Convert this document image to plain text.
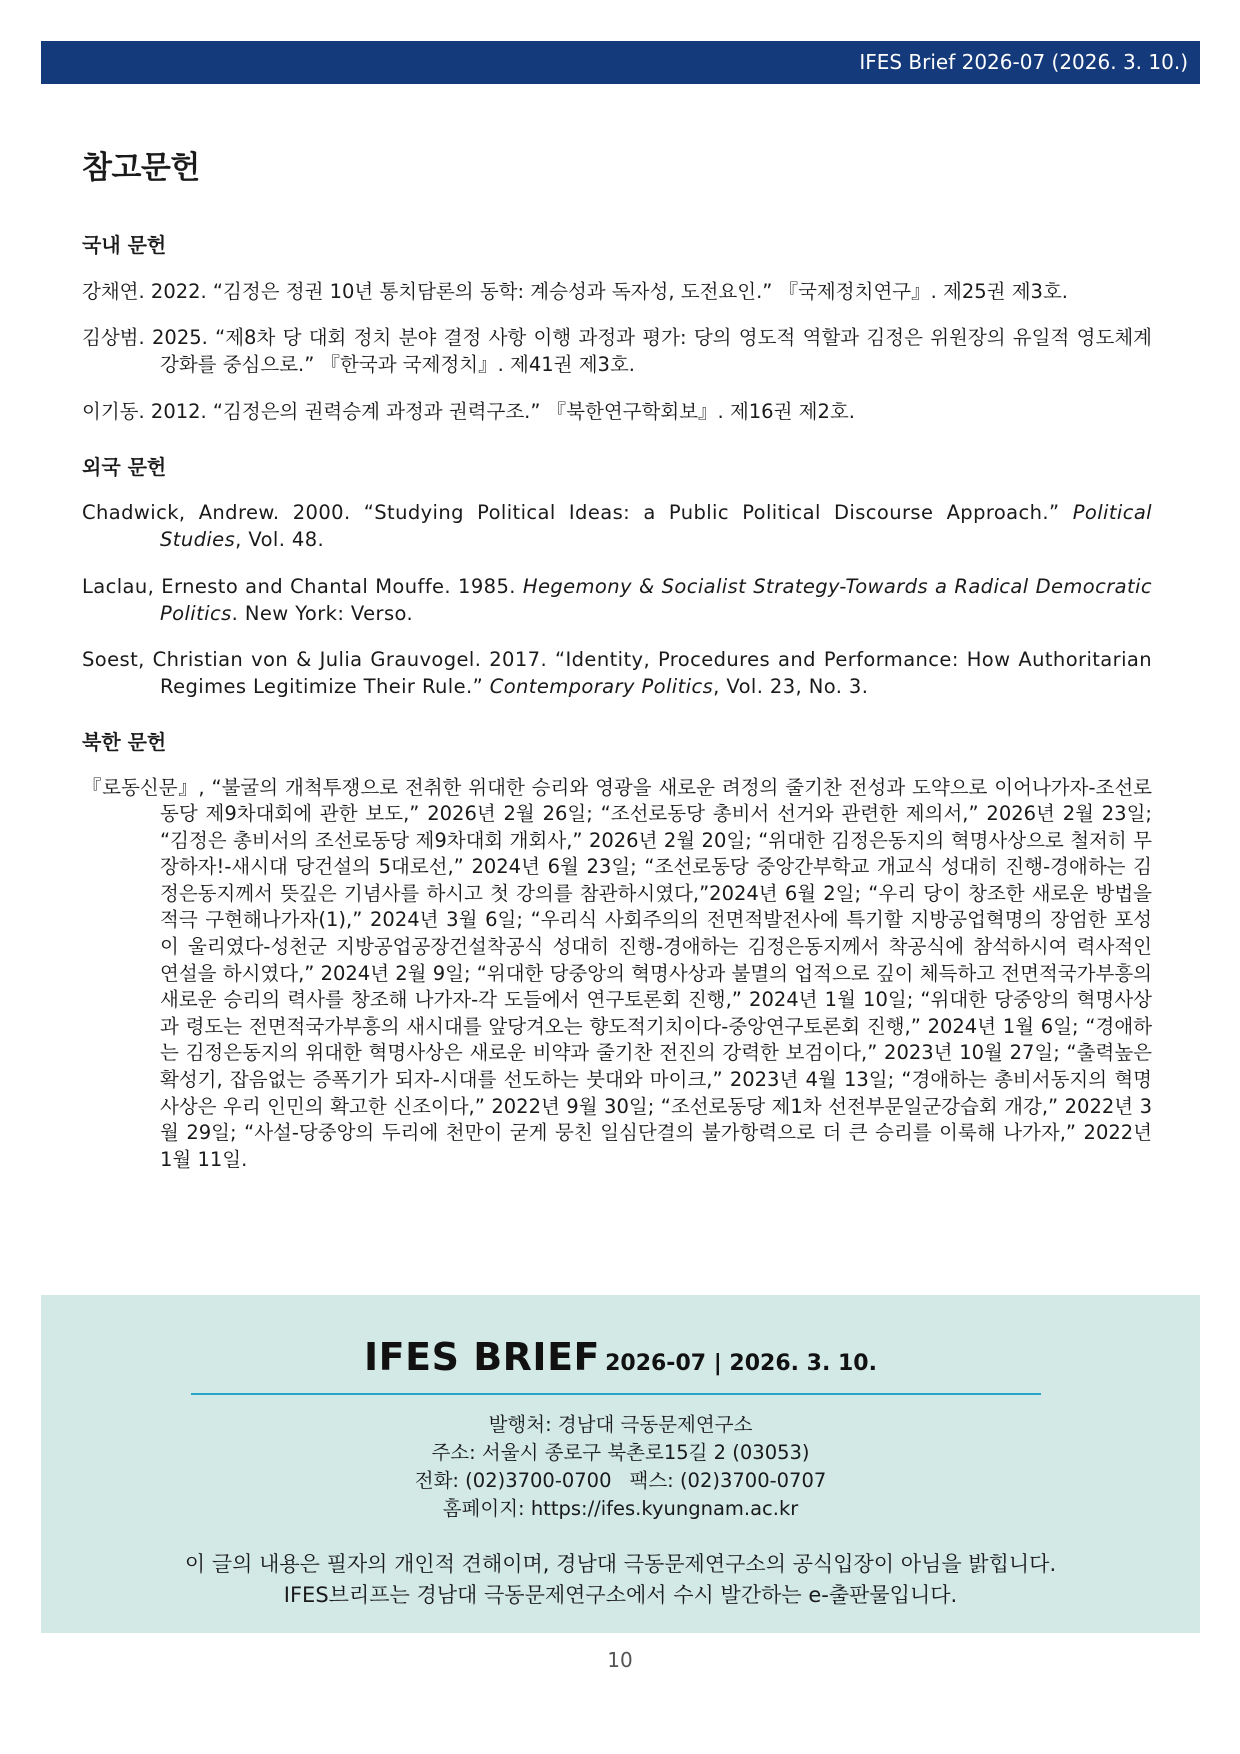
IFES Brief 2026-07 (2026. 3. 10.)
참고문헌
국내 문헌

강채연. 2022. “김정은 정권 10년 통치담론의 동학: 계승성과 독자성, 도전요인.” 『국제정치연구』. 제25권 제3호.

김상범. 2025. “제8차 당 대회 정치 분야 결정 사항 이행 과정과 평가: 당의 영도적 역할과 김정은 위원장의 유일적 영도체계 강화를 중심으로.” 『한국과 국제정치』. 제41권 제3호.

이기동. 2012. “김정은의 권력승계 과정과 권력구조.” 『북한연구학회보』. 제16권 제2호.

외국 문헌

Chadwick, Andrew. 2000. “Studying Political Ideas: a Public Political Discourse Approach.” Political Studies, Vol. 48.

Laclau, Ernesto and Chantal Mouffe. 1985. Hegemony & Socialist Strategy-Towards a Radical Democratic Politics. New York: Verso.

Soest, Christian von & Julia Grauvogel. 2017. “Identity, Procedures and Performance: How Authoritarian Regimes Legitimize Their Rule.” Contemporary Politics, Vol. 23, No. 3.

북한 문헌

『로동신문』, “불굴의 개척투쟁으로 전취한 위대한 승리와 영광을 새로운 려정의 줄기찬 전성과 도약으로 이어나가자-조선로동당 제9차대회에 관한 보도,” 2026년 2월 26일; “조선로동당 총비서 선거와 관련한 제의서,” 2026년 2월 23일; “김정은 총비서의 조선로동당 제9차대회 개회사,” 2026년 2월 20일; “위대한 김정은동지의 혁명사상으로 철저히 무장하자!-새시대 당건설의 5대로선,” 2024년 6월 23일; “조선로동당 중앙간부학교 개교식 성대히 진행-경애하는 김정은동지께서 뜻깊은 기념사를 하시고 첫 강의를 참관하시였다,”2024년 6월 2일; “우리 당이 창조한 새로운 방법을 적극 구현해나가자(1),” 2024년 3월 6일; “우리식 사회주의의 전면적발전사에 특기할 지방공업혁명의 장엄한 포성이 울리였다-성천군 지방공업공장건설착공식 성대히 진행-경애하는 김정은동지께서 착공식에 참석하시여 력사적인 연설을 하시였다,” 2024년 2월 9일; “위대한 당중앙의 혁명사상과 불멸의 업적으로 깊이 체득하고 전면적국가부흥의 새로운 승리의 력사를 창조해 나가자-각 도들에서 연구토론회 진행,” 2024년 1월 10일; “위대한 당중앙의 혁명사상과 령도는 전면적국가부흥의 새시대를 앞당겨오는 향도적기치이다-중앙연구토론회 진행,” 2024년 1월 6일; “경애하는 김정은동지의 위대한 혁명사상은 새로운 비약과 줄기찬 전진의 강력한 보검이다,” 2023년 10월 27일; “출력높은 확성기, 잡음없는 증폭기가 되자-시대를 선도하는 붓대와 마이크,” 2023년 4월 13일; “경애하는 총비서동지의 혁명사상은 우리 인민의 확고한 신조이다,” 2022년 9월 30일; “조선로동당 제1차 선전부문일군강습회 개강,” 2022년 3월 29일; “사설-당중앙의 두리에 천만이 굳게 뭉친 일심단결의 불가항력으로 더 큰 승리를 이룩해 나가자,” 2022년 1월 11일.

IFES BRIEF 2026-07 | 2026. 3. 10.
발행처: 경남대 극동문제연구소
주소: 서울시 종로구 북촌로15길 2 (03053)
전화: (02)3700-0700 팩스: (02)3700-0707
홈페이지: https://ifes.kyungnam.ac.kr
이 글의 내용은 필자의 개인적 견해이며, 경남대 극동문제연구소의 공식입장이 아님을 밝힙니다.
IFES브리프는 경남대 극동문제연구소에서 수시 발간하는 e-출판물입니다.
10
